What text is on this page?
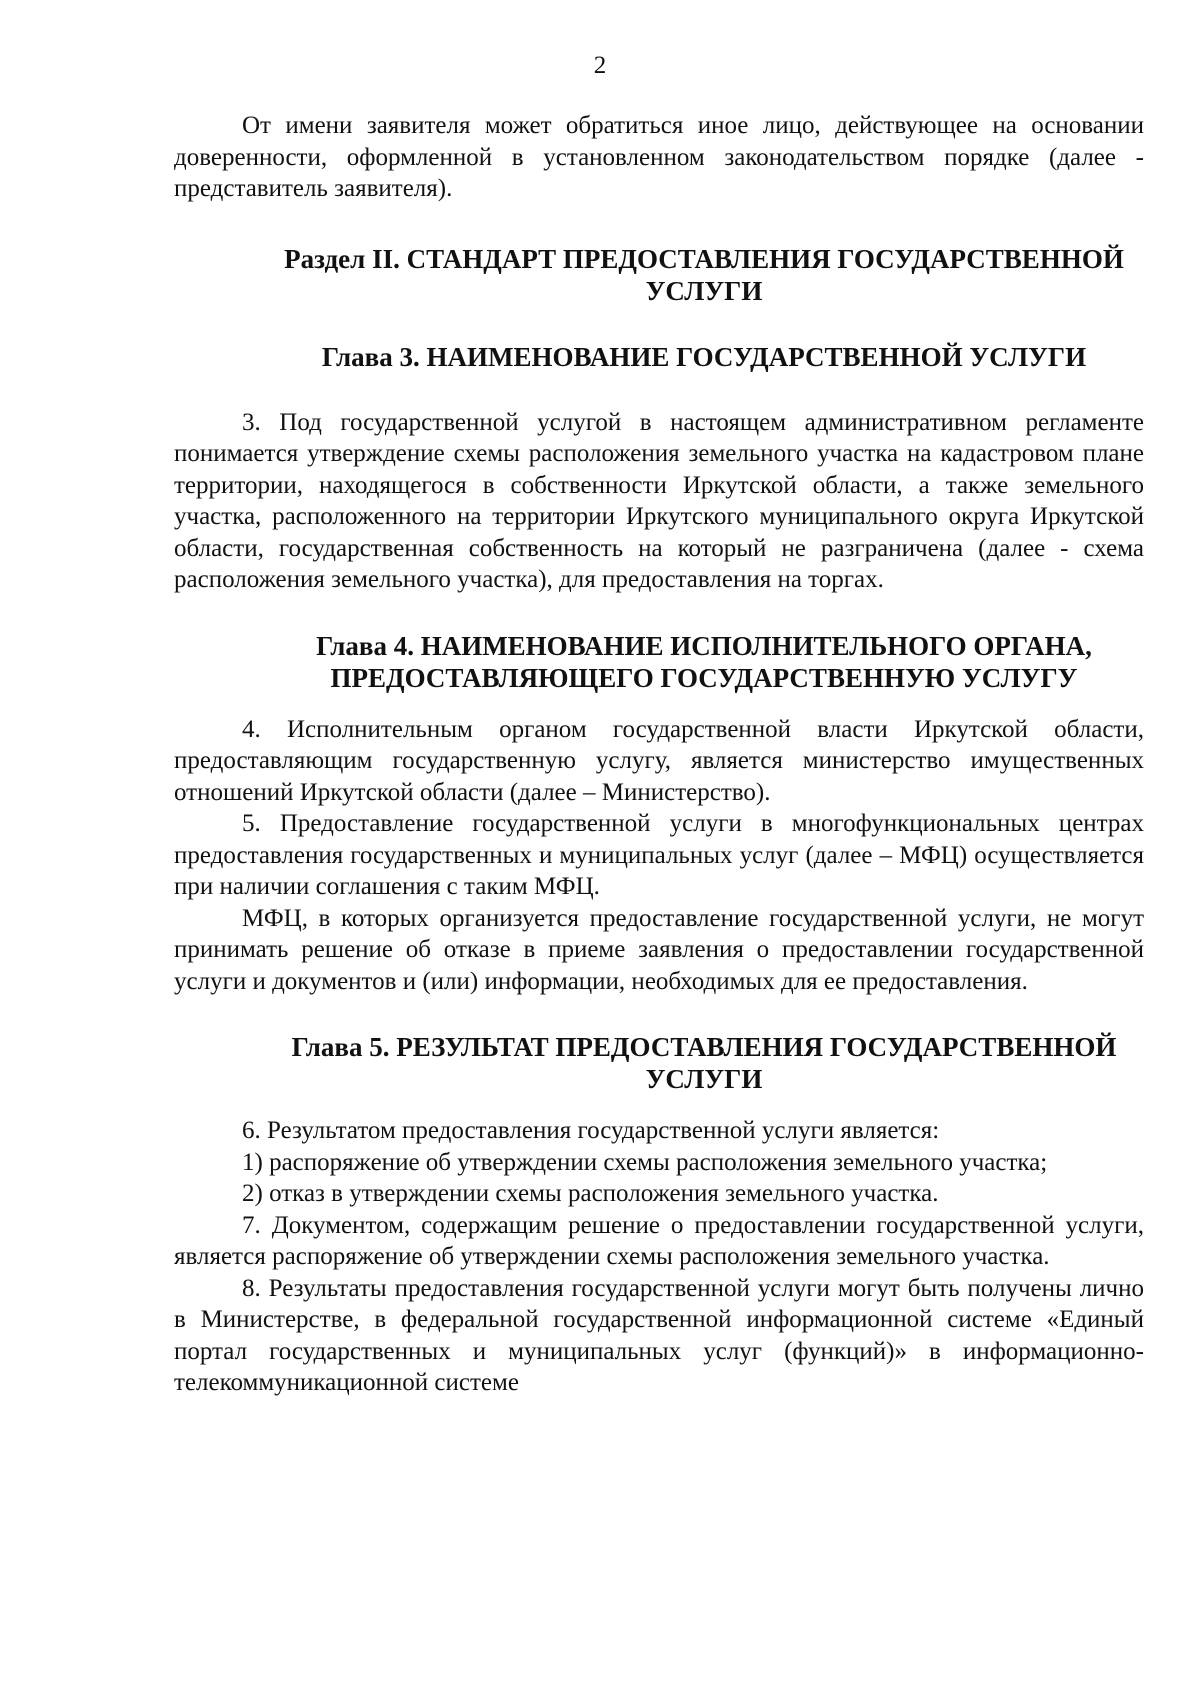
2

От имени заявителя может обратиться иное лицо, действующее на основании доверенности, оформленной в установленном законодательством порядке (далее - представитель заявителя).

Раздел II. СТАНДАРТ ПРЕДОСТАВЛЕНИЯ ГОСУДАРСТВЕННОЙ
УСЛУГИ
Глава 3. НАИМЕНОВАНИЕ ГОСУДАРСТВЕННОЙ УСЛУГИ

3. Под государственной услугой в настоящем административном регламенте понимается утверждение схемы расположения земельного участка на кадастровом плане территории, находящегося в собственности Иркутской области, а также земельного участка, расположенного на территории Иркутского муниципального округа Иркутской области, государственная собственность на который не разграничена (далее - схема расположения земельного участка), для предоставления на торгах.

Глава 4. НАИМЕНОВАНИЕ ИСПОЛНИТЕЛЬНОГО ОРГАНА,
ПРЕДОСТАВЛЯЮЩЕГО ГОСУДАРСТВЕННУЮ УСЛУГУ

4. Исполнительным органом государственной власти Иркутской области, предоставляющим государственную услугу, является министерство имущественных отношений Иркутской области (далее – Министерство).

5. Предоставление государственной услуги в многофункциональных центрах предоставления государственных и муниципальных услуг (далее – МФЦ) осуществляется при наличии соглашения с таким МФЦ.

МФЦ, в которых организуется предоставление государственной услуги, не могут принимать решение об отказе в приеме заявления о предоставлении государственной услуги и документов и (или) информации, необходимых для ее предоставления.

Глава 5. РЕЗУЛЬТАТ ПРЕДОСТАВЛЕНИЯ ГОСУДАРСТВЕННОЙ
УСЛУГИ

6. Результатом предоставления государственной услуги является:

1) распоряжение об утверждении схемы расположения земельного участка;

2) отказ в утверждении схемы расположения земельного участка.

7. Документом, содержащим решение о предоставлении государственной услуги, является распоряжение об утверждении схемы расположения земельного участка.

8. Результаты предоставления государственной услуги могут быть получены лично в Министерстве, в федеральной государственной информационной системе «Единый портал государственных и муниципальных услуг (функций)» в информационно-телекоммуникационной системе
